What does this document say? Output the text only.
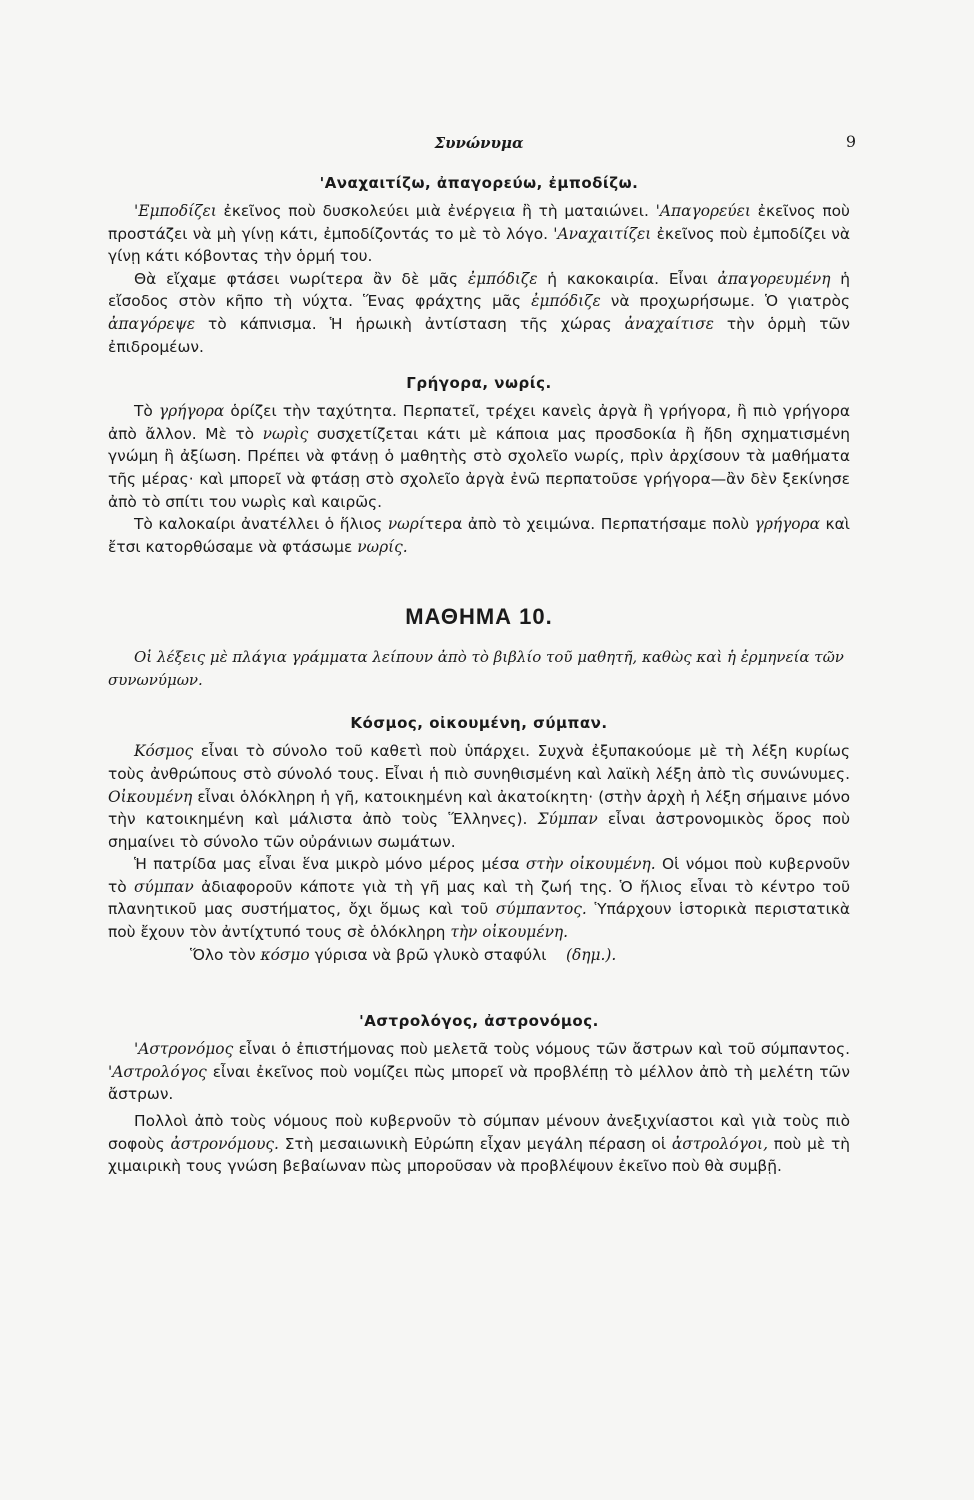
Συνώνυμα	9
'Αναχαιτίζω, ἀπαγορεύω, ἐμποδίζω.

'Εμποδίζει ἐκεῖνος ποὺ δυσκολεύει μιὰ ἐνέργεια ἢ τὴ ματαιώνει. 'Απαγορεύει ἐκεῖνος ποὺ προστάζει νὰ μὴ γίνῃ κάτι, ἐμποδίζοντάς το μὲ τὸ λόγο. 'Αναχαιτίζει ἐκεῖνος ποὺ ἐμποδίζει νὰ γίνῃ κάτι κόβοντας τὴν ὁρμή του.

Θὰ εἴχαμε φτάσει νωρίτερα ἂν δὲ μᾶς ἐμπόδιζε ἡ κακοκαιρία. Εἶναι ἀπαγορευμένη ἡ εἴσοδος στὸν κῆπο τὴ νύχτα. Ἕνας φράχτης μᾶς ἐμπόδιζε νὰ προχωρήσωμε. Ὁ γιατρὸς ἀπαγόρεψε τὸ κάπνισμα. Ἡ ἡρωικὴ ἀντίσταση τῆς χώρας ἀναχαίτισε τὴν ὁρμὴ τῶν ἐπιδρομέων.

Γρήγορα, νωρίς.

Τὸ γρήγορα ὁρίζει τὴν ταχύτητα. Περπατεῖ, τρέχει κανεὶς ἀργὰ ἢ γρήγορα, ἢ πιὸ γρήγορα ἀπὸ ἄλλον. Μὲ τὸ νωρὶς συσχετίζεται κάτι μὲ κάποια μας προσδοκία ἢ ἤδη σχηματισμένη γνώμη ἢ ἀξίωση. Πρέπει νὰ φτάνῃ ὁ μαθητὴς στὸ σχολεῖο νωρίς, πρὶν ἀρχίσουν τὰ μαθήματα τῆς μέρας· καὶ μπορεῖ νὰ φτάσῃ στὸ σχολεῖο ἀργὰ ἐνῶ περπατοῦσε γρήγορα—ἂν δὲν ξεκίνησε ἀπὸ τὸ σπίτι του νωρὶς καὶ καιρῶς.

Τὸ καλοκαίρι ἀνατέλλει ὁ ἥλιος νωρίτερα ἀπὸ τὸ χειμώνα. Περπατήσαμε πολὺ γρήγορα καὶ ἔτσι κατορθώσαμε νὰ φτάσωμε νωρίς.

ΜΑΘΗΜΑ 10.

Οἱ λέξεις μὲ πλάγια γράμματα λείπουν ἀπὸ τὸ βιβλίο τοῦ μαθητῆ, καθὼς καὶ ἡ ἑρμηνεία τῶν συνωνύμων.

Κόσμος, οἰκουμένη, σύμπαν.

Κόσμος εἶναι τὸ σύνολο τοῦ καθετὶ ποὺ ὑπάρχει. Συχνὰ ἐξυπακούομε μὲ τὴ λέξη κυρίως τοὺς ἀνθρώπους στὸ σύνολό τους. Εἶναι ἡ πιὸ συνηθισμένη καὶ λαϊκὴ λέξη ἀπὸ τὶς συνώνυμες. Οἰκουμένη εἶναι ὁλόκληρη ἡ γῆ, κατοικημένη καὶ ἀκατοίκητη· (στὴν ἀρχὴ ἡ λέξη σήμαινε μόνο τὴν κατοικημένη καὶ μάλιστα ἀπὸ τοὺς Ἕλληνες). Σύμπαν εἶναι ἀστρονομικὸς ὅρος ποὺ σημαίνει τὸ σύνολο τῶν οὐράνιων σωμάτων.

Ἡ πατρίδα μας εἶναι ἕνα μικρὸ μόνο μέρος μέσα στὴν οἰκουμένη. Οἱ νόμοι ποὺ κυβερνοῦν τὸ σύμπαν ἀδιαφοροῦν κάποτε γιὰ τὴ γῆ μας καὶ τὴ ζωή της. Ὁ ἥλιος εἶναι τὸ κέντρο τοῦ πλανητικοῦ μας συστήματος, ὄχι ὅμως καὶ τοῦ σύμπαντος. Ὑπάρχουν ἱστορικὰ περιστατικὰ ποὺ ἔχουν τὸν ἀντίχτυπό τους σὲ ὁλόκληρη τὴν οἰκουμένη.

Ὅλο τὸν κόσμο γύρισα νὰ βρῶ γλυκὸ σταφύλι (δημ.).

'Αστρολόγος, ἀστρονόμος.

'Αστρονόμος εἶναι ὁ ἐπιστήμονας ποὺ μελετᾶ τοὺς νόμους τῶν ἄστρων καὶ τοῦ σύμπαντος. 'Αστρολόγος εἶναι ἐκεῖνος ποὺ νομίζει πὼς μπορεῖ νὰ προβλέπῃ τὸ μέλλον ἀπὸ τὴ μελέτη τῶν ἄστρων.

Πολλοὶ ἀπὸ τοὺς νόμους ποὺ κυβερνοῦν τὸ σύμπαν μένουν ἀνεξιχνίαστοι καὶ γιὰ τοὺς πιὸ σοφοὺς ἀστρονόμους. Στὴ μεσαιωνικὴ Εὐρώπη εἶχαν μεγάλη πέραση οἱ ἀστρολόγοι, ποὺ μὲ τὴ χιμαιρικὴ τους γνώση βεβαίωναν πὼς μποροῦσαν νὰ προβλέψουν ἐκεῖνο ποὺ θὰ συμβῇ.
